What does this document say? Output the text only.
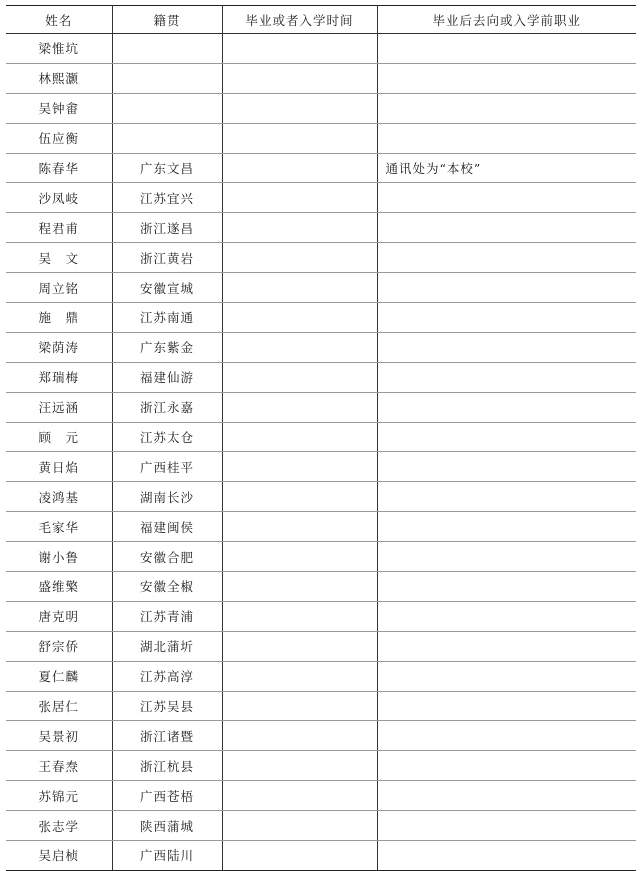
姓名	籍贯	毕业或者入学时间	毕业后去向或入学前职业
梁惟坑			
林熙灏			
吴钟畬			
伍应衡			
陈春华	广东文昌		通讯处为“本校”
沙凤岐	江苏宜兴		
程君甫	浙江遂昌		
吴　文	浙江黄岩		
周立铭	安徽宣城		
施　鼎	江苏南通		
梁荫涛	广东紫金		
郑瑞梅	福建仙游		
汪远涵	浙江永嘉		
顾　元	江苏太仓		
黄日焰	广西桂平		
凌鸿基	湖南长沙		
毛家华	福建闽侯		
谢小鲁	安徽合肥		
盛维檠	安徽全椒		
唐克明	江苏青浦		
舒宗侨	湖北蒲圻		
夏仁麟	江苏高淳		
张居仁	江苏吴县		
吴景初	浙江诸暨		
王春焘	浙江杭县		
苏锦元	广西苍梧		
张志学	陕西蒲城		
吴启桢	广西陆川		
